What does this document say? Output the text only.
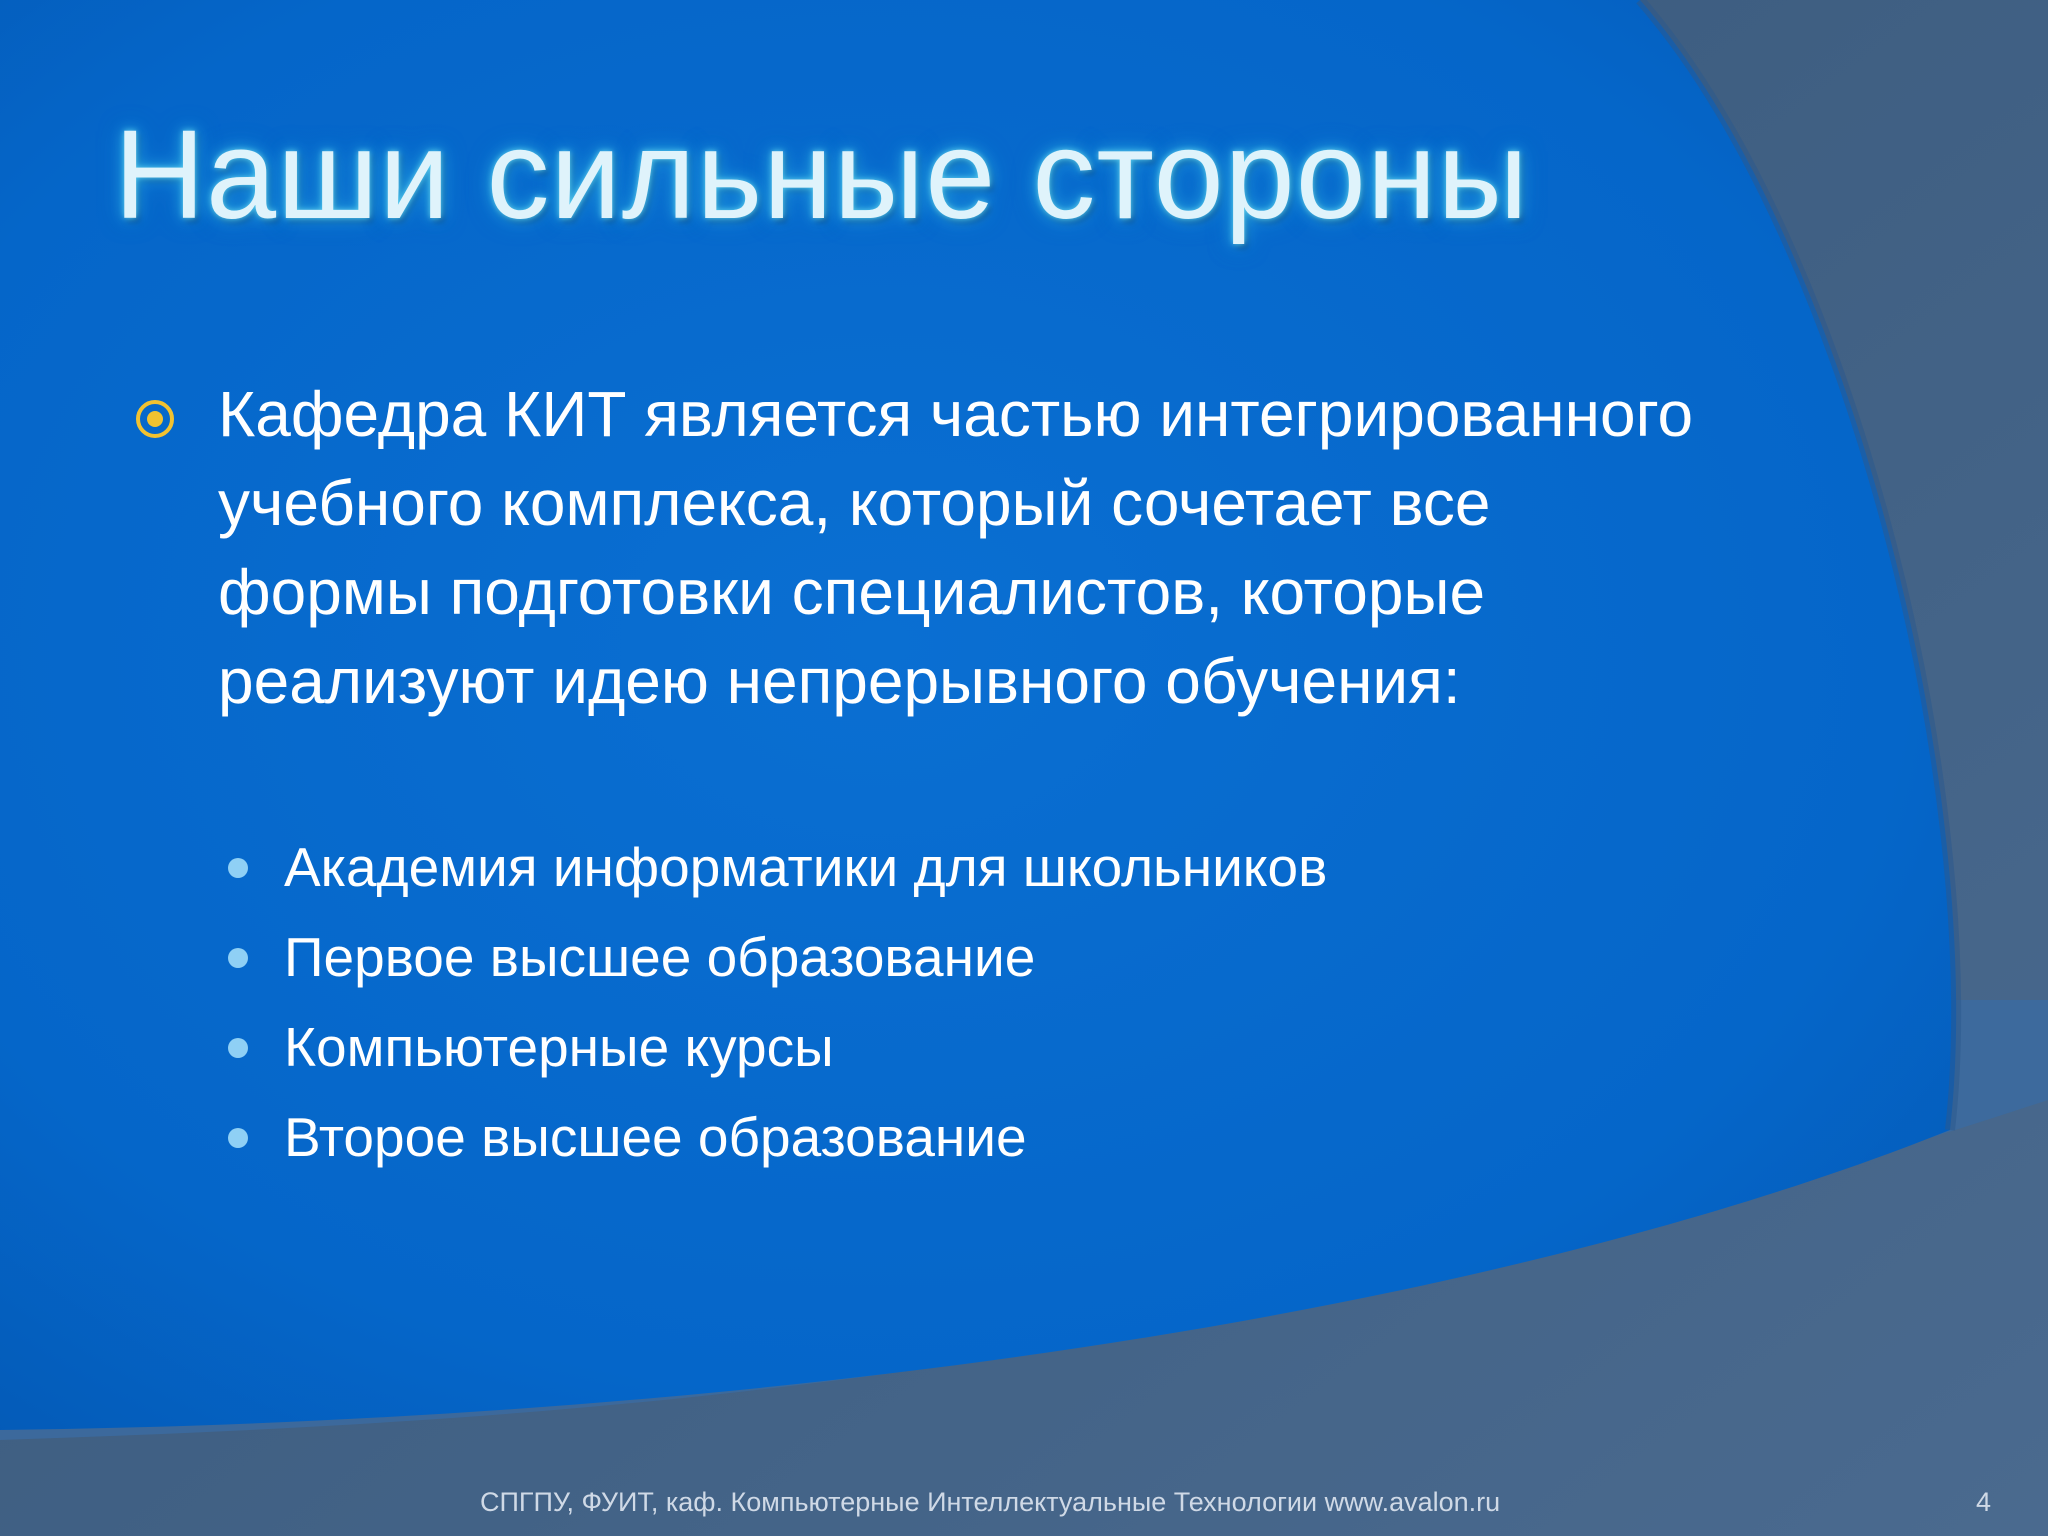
Наши сильные стороны

Кафедра КИТ является частью интегрированного учебного комплекса, который сочетает все формы подготовки специалистов, которые реализуют идею непрерывного обучения:

Академия информатики для школьников
Первое высшее образование
Компьютерные курсы
Второе высшее образование
СПГПУ, ФУИТ, каф. Компьютерные Интеллектуальные Технологии www.avalon.ru	4
